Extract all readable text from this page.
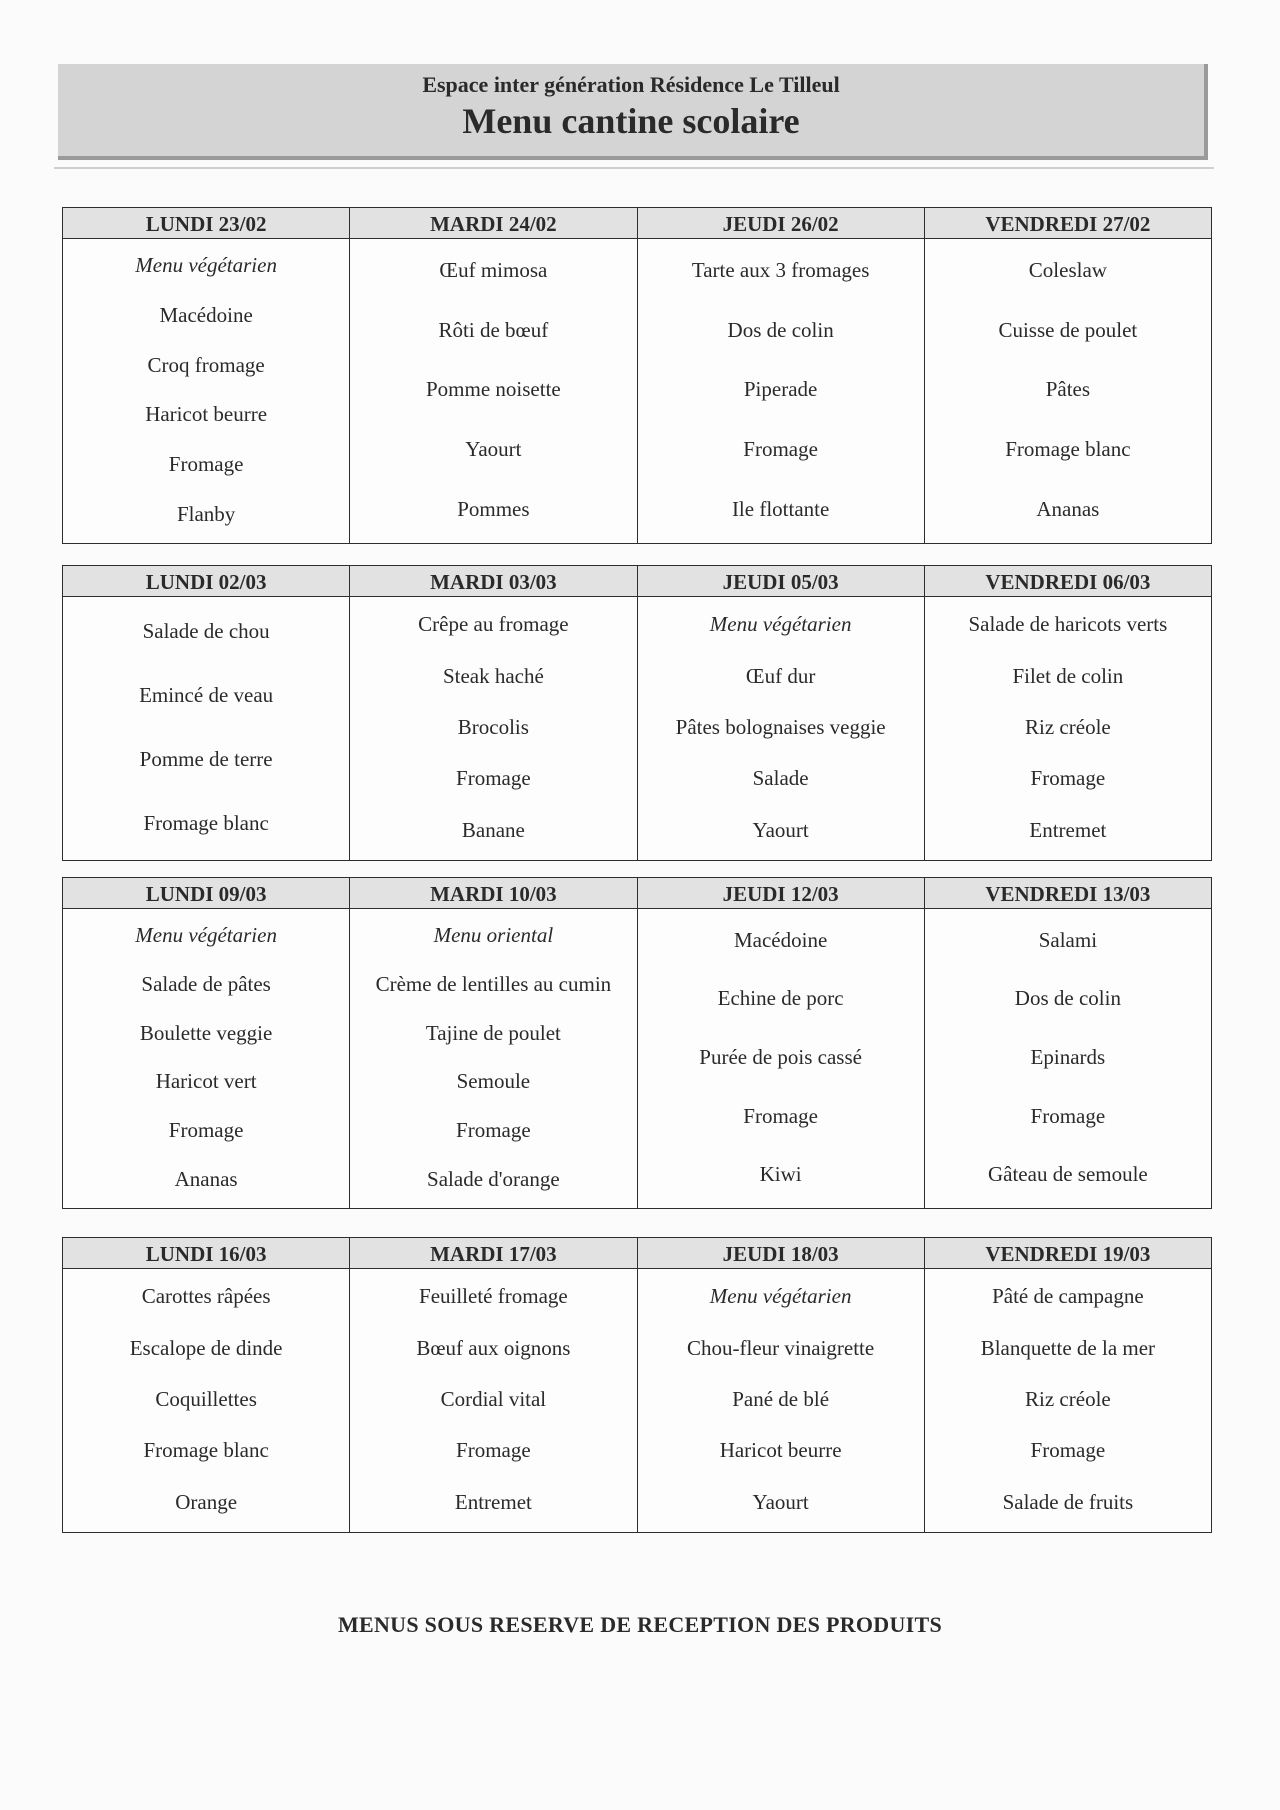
Espace inter génération Résidence Le Tilleul
Menu cantine scolaire
LUNDI 23/02
Menu végétarien
Macédoine
Croq fromage
Haricot beurre
Fromage
Flanby
MARDI 24/02
Œuf mimosa
Rôti de bœuf
Pomme noisette
Yaourt
Pommes
JEUDI 26/02
Tarte aux 3 fromages
Dos de colin
Piperade
Fromage
Ile flottante
VENDREDI 27/02
Coleslaw
Cuisse de poulet
Pâtes
Fromage blanc
Ananas
LUNDI 02/03
Salade de chou
Emincé de veau
Pomme de terre
Fromage blanc
MARDI 03/03
Crêpe au fromage
Steak haché
Brocolis
Fromage
Banane
JEUDI 05/03
Menu végétarien
Œuf dur
Pâtes bolognaises veggie
Salade
Yaourt
VENDREDI 06/03
Salade de haricots verts
Filet de colin
Riz créole
Fromage
Entremet
LUNDI 09/03
Menu végétarien
Salade de pâtes
Boulette veggie
Haricot vert
Fromage
Ananas
MARDI 10/03
Menu oriental
Crème de lentilles au cumin
Tajine de poulet
Semoule
Fromage
Salade d'orange
JEUDI 12/03
Macédoine
Echine de porc
Purée de pois cassé
Fromage
Kiwi
VENDREDI 13/03
Salami
Dos de colin
Epinards
Fromage
Gâteau de semoule
LUNDI 16/03
Carottes râpées
Escalope de dinde
Coquillettes
Fromage blanc
Orange
MARDI 17/03
Feuilleté fromage
Bœuf aux oignons
Cordial vital
Fromage
Entremet
JEUDI 18/03
Menu végétarien
Chou-fleur vinaigrette
Pané de blé
Haricot beurre
Yaourt
VENDREDI 19/03
Pâté de campagne
Blanquette de la mer
Riz créole
Fromage
Salade de fruits
MENUS SOUS RESERVE DE RECEPTION DES PRODUITS
